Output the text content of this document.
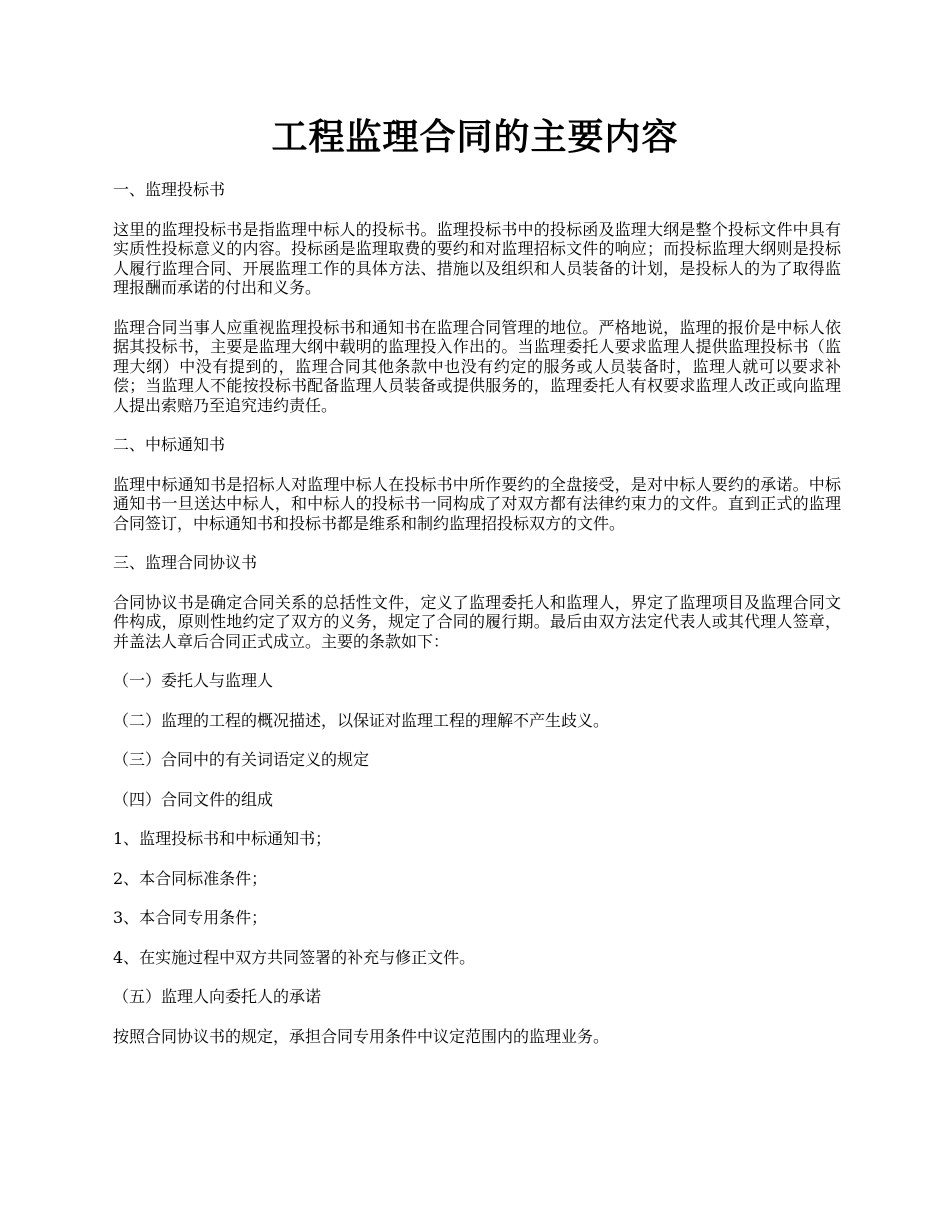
工程监理合同的主要内容

一、监理投标书

这里的监理投标书是指监理中标人的投标书。监理投标书中的投标函及监理大纲是整个投标文件中具有实质性投标意义的内容。投标函是监理取费的要约和对监理招标文件的响应；而投标监理大纲则是投标人履行监理合同、开展监理工作的具体方法、措施以及组织和人员装备的计划，是投标人的为了取得监理报酬而承诺的付出和义务。

监理合同当事人应重视监理投标书和通知书在监理合同管理的地位。严格地说，监理的报价是中标人依据其投标书，主要是监理大纲中载明的监理投入作出的。当监理委托人要求监理人提供监理投标书（监理大纲）中没有提到的，监理合同其他条款中也没有约定的服务或人员装备时，监理人就可以要求补偿；当监理人不能按投标书配备监理人员装备或提供服务的，监理委托人有权要求监理人改正或向监理人提出索赔乃至追究违约责任。

二、中标通知书

监理中标通知书是招标人对监理中标人在投标书中所作要约的全盘接受，是对中标人要约的承诺。中标通知书一旦送达中标人，和中标人的投标书一同构成了对双方都有法律约束力的文件。直到正式的监理合同签订，中标通知书和投标书都是维系和制约监理招投标双方的文件。

三、监理合同协议书

合同协议书是确定合同关系的总括性文件，定义了监理委托人和监理人，界定了监理项目及监理合同文件构成，原则性地约定了双方的义务，规定了合同的履行期。最后由双方法定代表人或其代理人签章，并盖法人章后合同正式成立。主要的条款如下：

（一）委托人与监理人

（二）监理的工程的概况描述，以保证对监理工程的理解不产生歧义。

（三）合同中的有关词语定义的规定

（四）合同文件的组成

1、监理投标书和中标通知书；

2、本合同标准条件；

3、本合同专用条件；

4、在实施过程中双方共同签署的补充与修正文件。

（五）监理人向委托人的承诺

按照合同协议书的规定，承担合同专用条件中议定范围内的监理业务。
